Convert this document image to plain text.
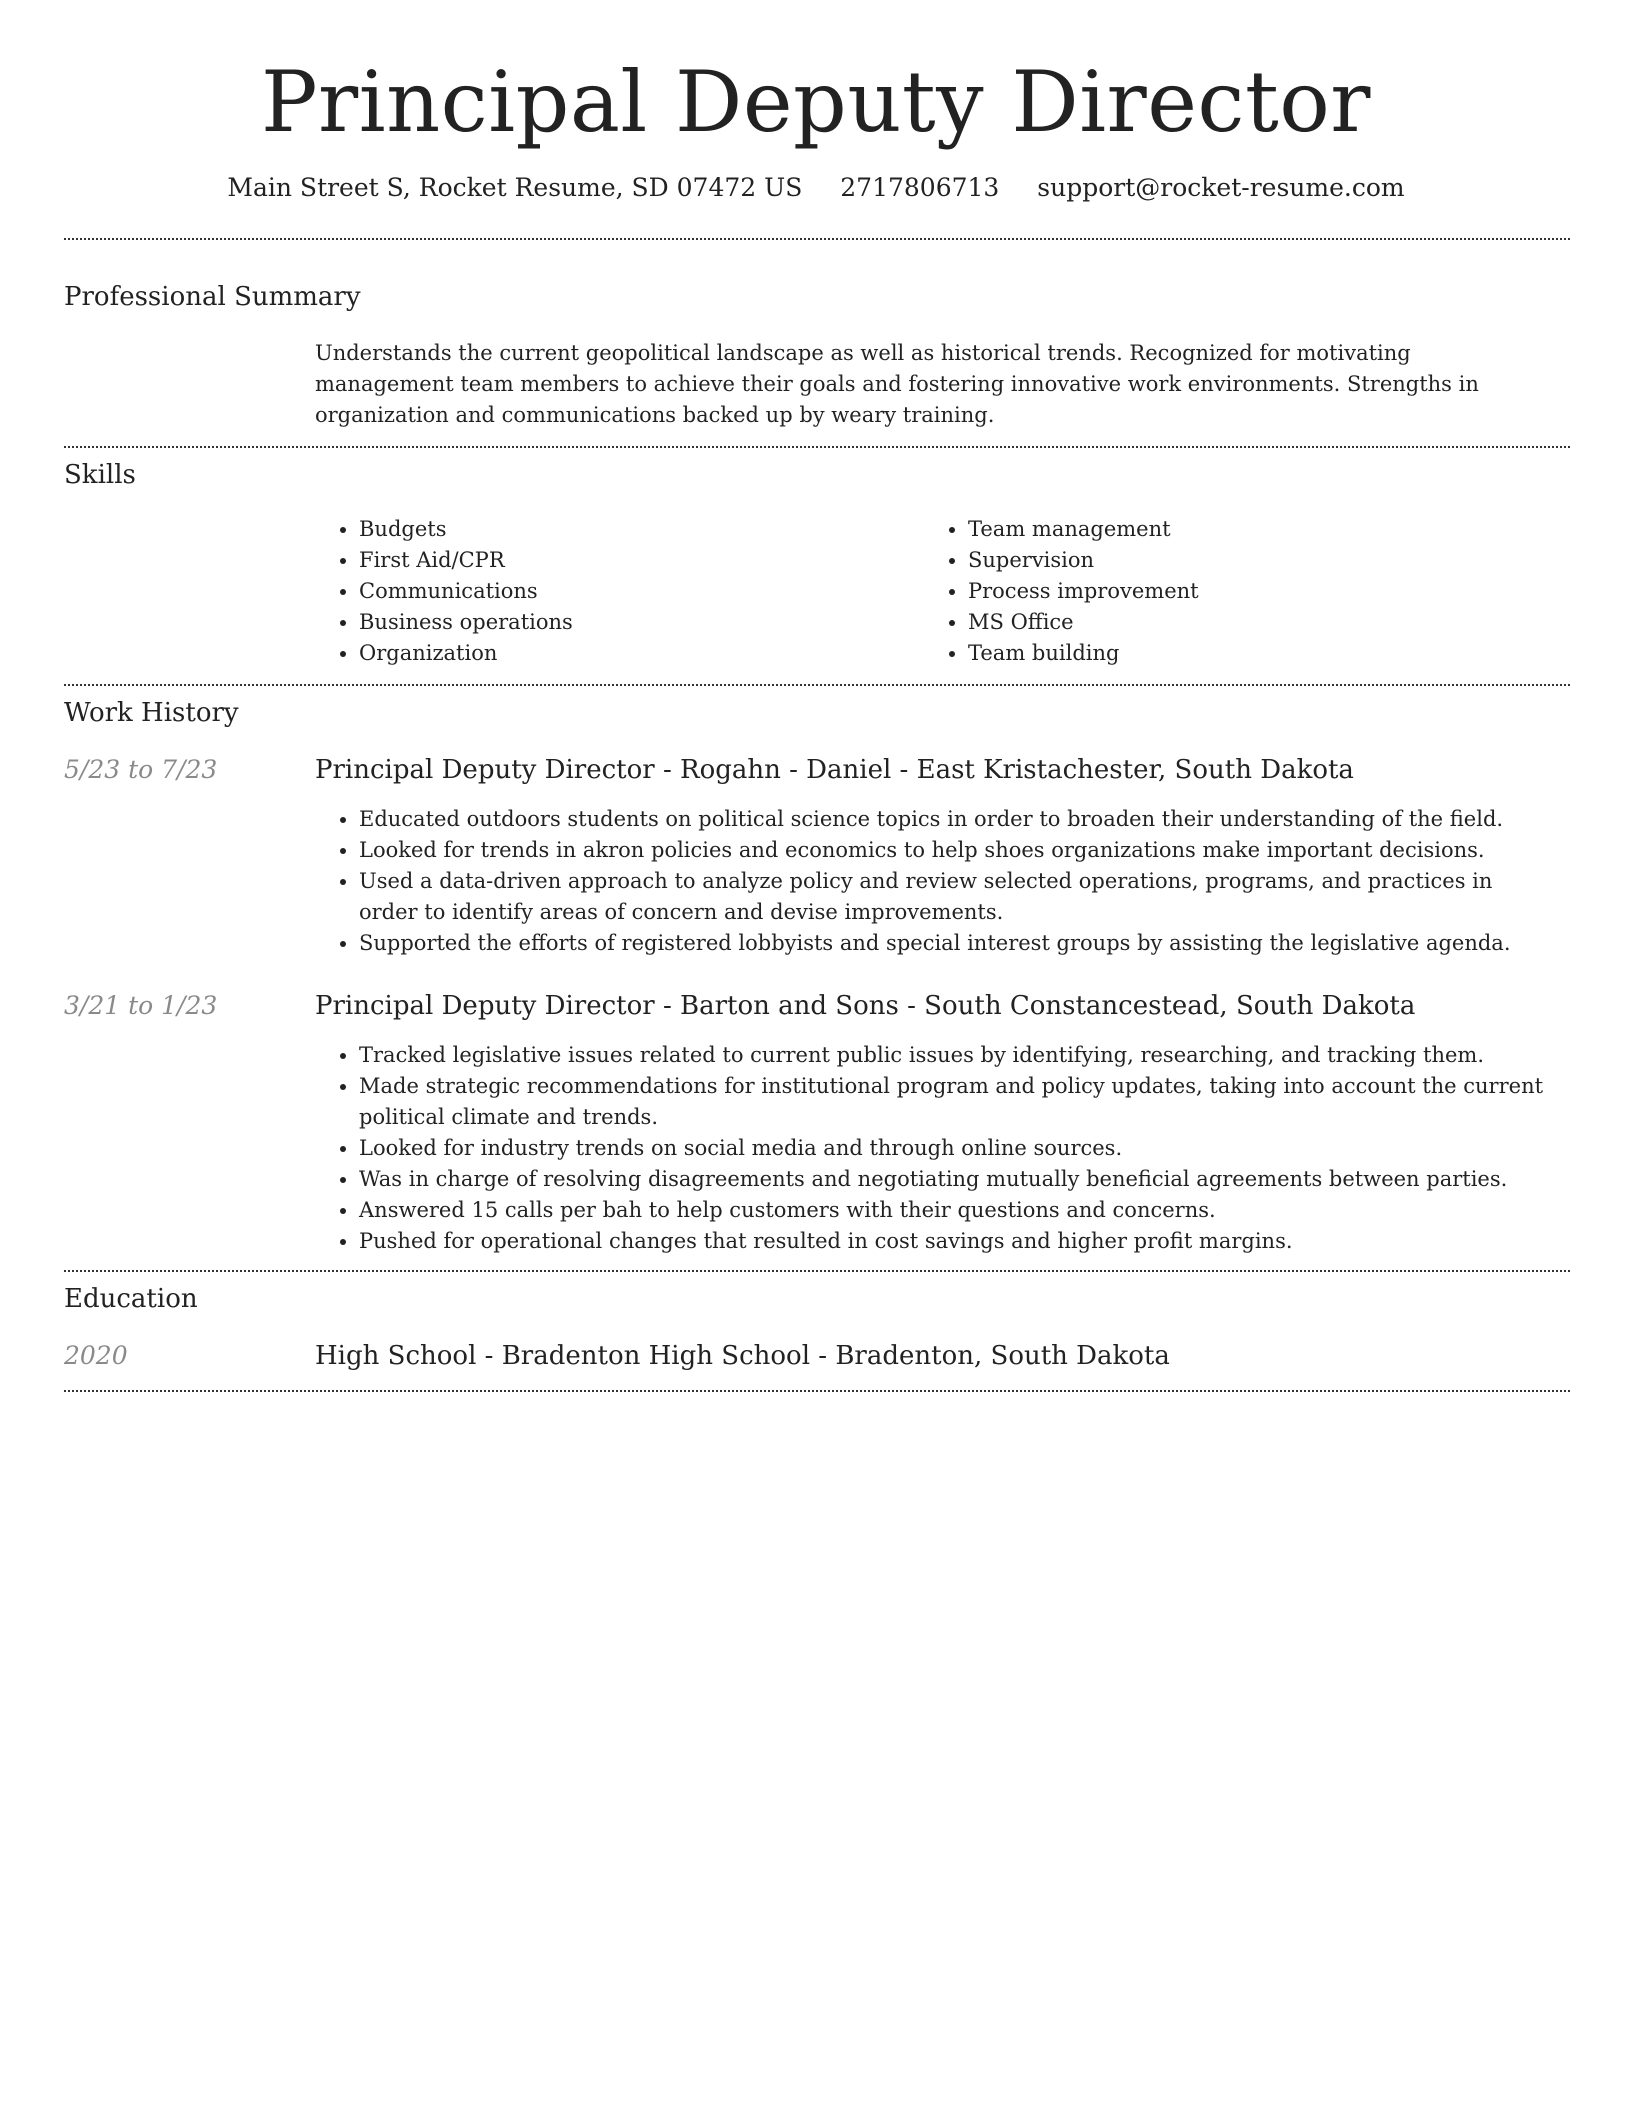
Principal Deputy Director
Main Street S, Rocket Resume, SD 07472 US 2717806713 support@rocket-resume.com
Professional Summary
Understands the current geopolitical landscape as well as historical trends. Recognized for motivating management team members to achieve their goals and fostering innovative work environments. Strengths in organization and communications backed up by weary training.
Skills
• Budgets
• First Aid/CPR
• Communications
• Business operations
• Organization
• Team management
• Supervision
• Process improvement
• MS Office
• Team building
Work History
5/23 to 7/23	Principal Deputy Director - Rogahn - Daniel - East Kristachester, South Dakota
• Educated outdoors students on political science topics in order to broaden their understanding of the field.
• Looked for trends in akron policies and economics to help shoes organizations make important decisions.
• Used a data-driven approach to analyze policy and review selected operations, programs, and practices in order to identify areas of concern and devise improvements.
• Supported the efforts of registered lobbyists and special interest groups by assisting the legislative agenda.
3/21 to 1/23	Principal Deputy Director - Barton and Sons - South Constancestead, South Dakota
• Tracked legislative issues related to current public issues by identifying, researching, and tracking them.
• Made strategic recommendations for institutional program and policy updates, taking into account the current political climate and trends.
• Looked for industry trends on social media and through online sources.
• Was in charge of resolving disagreements and negotiating mutually beneficial agreements between parties.
• Answered 15 calls per bah to help customers with their questions and concerns.
• Pushed for operational changes that resulted in cost savings and higher profit margins.
Education
2020	High School - Bradenton High School - Bradenton, South Dakota
